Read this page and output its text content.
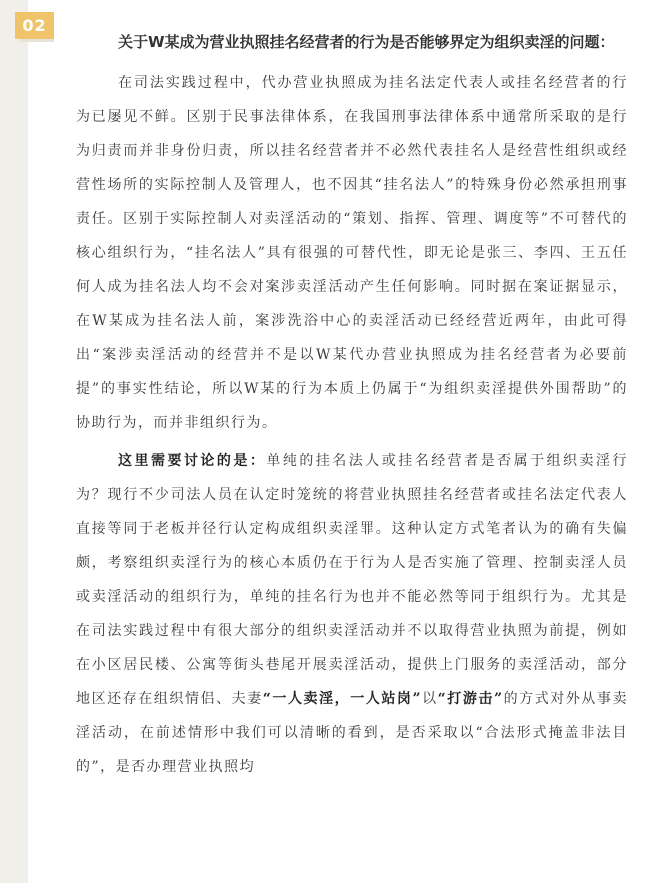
02

关于W某成为营业执照挂名经营者的行为是否能够界定为组织卖淫的问题：

在司法实践过程中，代办营业执照成为挂名法定代表人或挂名经营者的行为已屡见不鲜。区别于民事法律体系，在我国刑事法律体系中通常所采取的是行为归责而并非身份归责，所以挂名经营者并不必然代表挂名人是经营性组织或经营性场所的实际控制人及管理人，也不因其“挂名法人”的特殊身份必然承担刑事责任。区别于实际控制人对卖淫活动的“策划、指挥、管理、调度等”不可替代的核心组织行为，“挂名法人”具有很强的可替代性，即无论是张三、李四、王五任何人成为挂名法人均不会对案涉卖淫活动产生任何影响。同时据在案证据显示，在W某成为挂名法人前，案涉洗浴中心的卖淫活动已经经营近两年，由此可得出“案涉卖淫活动的经营并不是以W某代办营业执照成为挂名经营者为必要前提”的事实性结论，所以W某的行为本质上仍属于“为组织卖淫提供外围帮助”的协助行为，而并非组织行为。

这里需要讨论的是：单纯的挂名法人或挂名经营者是否属于组织卖淫行为？现行不少司法人员在认定时笼统的将营业执照挂名经营者或挂名法定代表人直接等同于老板并径行认定构成组织卖淫罪。这种认定方式笔者认为的确有失偏颇，考察组织卖淫行为的核心本质仍在于行为人是否实施了管理、控制卖淫人员或卖淫活动的组织行为，单纯的挂名行为也并不能必然等同于组织行为。尤其是在司法实践过程中有很大部分的组织卖淫活动并不以取得营业执照为前提，例如在小区居民楼、公寓等街头巷尾开展卖淫活动，提供上门服务的卖淫活动，部分地区还存在组织情侣、夫妻“一人卖淫，一人站岗”以“打游击”的方式对外从事卖淫活动，在前述情形中我们可以清晰的看到，是否采取以“合法形式掩盖非法目的”，是否办理营业执照均
